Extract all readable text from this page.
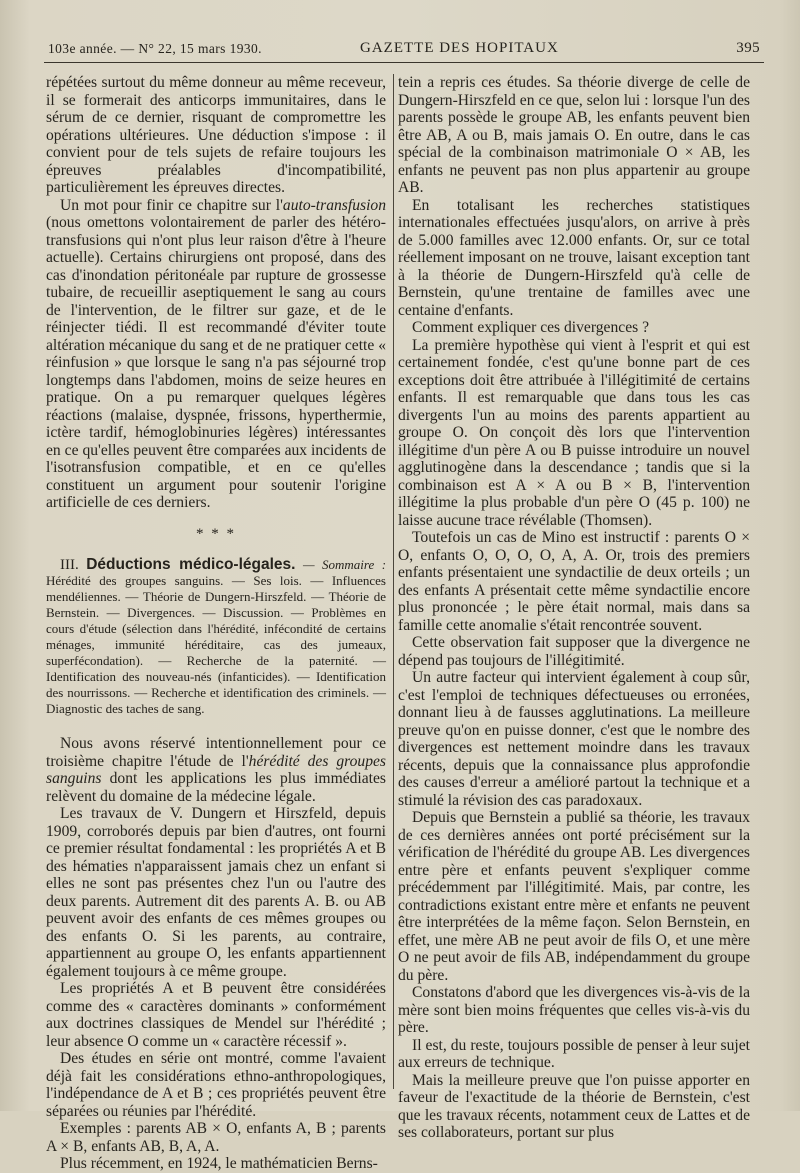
103e année. — N° 22, 15 mars 1930.	GAZETTE DES HOPITAUX	395

répétées surtout du même donneur au même receveur, il se formerait des anticorps immunitaires, dans le sérum de ce dernier, risquant de compromettre les opérations ultérieures. Une déduction s'impose : il convient pour de tels sujets de refaire toujours les épreuves préalables d'incompatibilité, particulièrement les épreuves directes.

Un mot pour finir ce chapitre sur l'auto-transfusion (nous omettons volontairement de parler des hétéro-transfusions qui n'ont plus leur raison d'être à l'heure actuelle). Certains chirurgiens ont proposé, dans des cas d'inondation péritonéale par rupture de grossesse tubaire, de recueillir aseptiquement le sang au cours de l'intervention, de le filtrer sur gaze, et de le réinjecter tiédi. Il est recommandé d'éviter toute altération mécanique du sang et de ne pratiquer cette « réinfusion » que lorsque le sang n'a pas séjourné trop longtemps dans l'abdomen, moins de seize heures en pratique. On a pu remarquer quelques légères réactions (malaise, dyspnée, frissons, hyperthermie, ictère tardif, hémoglobinuries légères) intéressantes en ce qu'elles peuvent être comparées aux incidents de l'isotransfusion compatible, et en ce qu'elles constituent un argument pour soutenir l'origine artificielle de ces derniers.

* * *

III. Déductions médico-légales. — Sommaire : Hérédité des groupes sanguins. — Ses lois. — Influences mendéliennes. — Théorie de Dungern-Hirszfeld. — Théorie de Bernstein. — Divergences. — Discussion. — Problèmes en cours d'étude (sélection dans l'hérédité, infécondité de certains ménages, immunité héréditaire, cas des jumeaux, superfécondation). — Recherche de la paternité. — Identification des nouveau-nés (infanticides). — Identification des nourrissons. — Recherche et identification des criminels. — Diagnostic des taches de sang.

Nous avons réservé intentionnellement pour ce troisième chapitre l'étude de l'hérédité des groupes sanguins dont les applications les plus immédiates relèvent du domaine de la médecine légale.

Les travaux de V. Dungern et Hirszfeld, depuis 1909, corroborés depuis par bien d'autres, ont fourni ce premier résultat fondamental : les propriétés A et B des hématies n'apparaissent jamais chez un enfant si elles ne sont pas présentes chez l'un ou l'autre des deux parents. Autrement dit des parents A. B. ou AB peuvent avoir des enfants de ces mêmes groupes ou des enfants O. Si les parents, au contraire, appartiennent au groupe O, les enfants appartiennent également toujours à ce même groupe.

Les propriétés A et B peuvent être considérées comme des « caractères dominants » conformément aux doctrines classiques de Mendel sur l'hérédité ; leur absence O comme un « caractère récessif ».

Des études en série ont montré, comme l'avaient déjà fait les considérations ethno-anthropologiques, l'indépendance de A et B ; ces propriétés peuvent être séparées ou réunies par l'hérédité.

Exemples : parents AB × O, enfants A, B ; parents A × B, enfants AB, B, A, A.

Plus récemment, en 1924, le mathématicien Berns-

tein a repris ces études. Sa théorie diverge de celle de Dungern-Hirszfeld en ce que, selon lui : lorsque l'un des parents possède le groupe AB, les enfants peuvent bien être AB, A ou B, mais jamais O. En outre, dans le cas spécial de la combinaison matrimoniale O × AB, les enfants ne peuvent pas non plus appartenir au groupe AB.

En totalisant les recherches statistiques internationales effectuées jusqu'alors, on arrive à près de 5.000 familles avec 12.000 enfants. Or, sur ce total réellement imposant on ne trouve, laisant exception tant à la théorie de Dungern-Hirszfeld qu'à celle de Bernstein, qu'une trentaine de familles avec une centaine d'enfants.

Comment expliquer ces divergences ?

La première hypothèse qui vient à l'esprit et qui est certainement fondée, c'est qu'une bonne part de ces exceptions doit être attribuée à l'illégitimité de certains enfants. Il est remarquable que dans tous les cas divergents l'un au moins des parents appartient au groupe O. On conçoit dès lors que l'intervention illégitime d'un père A ou B puisse introduire un nouvel agglutinogène dans la descendance ; tandis que si la combinaison est A × A ou B × B, l'intervention illégitime la plus probable d'un père O (45 p. 100) ne laisse aucune trace révélable (Thomsen).

Toutefois un cas de Mino est instructif : parents O × O, enfants O, O, O, O, A, A. Or, trois des premiers enfants présentaient une syndactilie de deux orteils ; un des enfants A présentait cette même syndactilie encore plus prononcée ; le père était normal, mais dans sa famille cette anomalie s'était rencontrée souvent.

Cette observation fait supposer que la divergence ne dépend pas toujours de l'illégitimité.

Un autre facteur qui intervient également à coup sûr, c'est l'emploi de techniques défectueuses ou erronées, donnant lieu à de fausses agglutinations. La meilleure preuve qu'on en puisse donner, c'est que le nombre des divergences est nettement moindre dans les travaux récents, depuis que la connaissance plus approfondie des causes d'erreur a amélioré partout la technique et a stimulé la révision des cas paradoxaux.

Depuis que Bernstein a publié sa théorie, les travaux de ces dernières années ont porté précisément sur la vérification de l'hérédité du groupe AB. Les divergences entre père et enfants peuvent s'expliquer comme précédemment par l'illégitimité. Mais, par contre, les contradictions existant entre mère et enfants ne peuvent être interprétées de la même façon. Selon Bernstein, en effet, une mère AB ne peut avoir de fils O, et une mère O ne peut avoir de fils AB, indépendamment du groupe du père.

Constatons d'abord que les divergences vis-à-vis de la mère sont bien moins fréquentes que celles vis-à-vis du père.

Il est, du reste, toujours possible de penser à leur sujet aux erreurs de technique.

Mais la meilleure preuve que l'on puisse apporter en faveur de l'exactitude de la théorie de Bernstein, c'est que les travaux récents, notamment ceux de Lattes et de ses collaborateurs, portant sur plus
